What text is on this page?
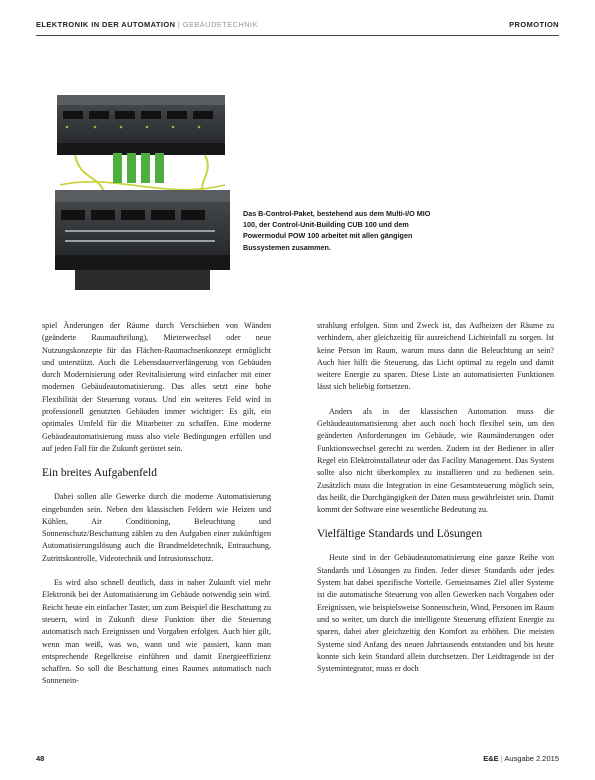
ELEKTRONIK IN DER AUTOMATION | GEBÄUDETECHNIK	PROMOTION
Das B-Control-Paket, bestehend aus dem Multi-I/O MIO 100, der Control-Unit-Building CUB 100 und dem Powermodul POW 100 arbeitet mit allen gängigen Bussystemen zusammen.

spiel Änderungen der Räume durch Verschieben von Wänden (geänderte Raumaufteilung), Mieterwechsel oder neue Nutzungskonzepte für das Flächen-Raumachsenkonzept ermöglicht und unterstützt. Auch die Lebensdauerverlängerung von Gebäuden durch Modernisierung oder Revitalisierung wird einfacher mit einer modernen Gebäudeautomatisierung. Das alles setzt eine hohe Flexibilität der Steuerung voraus. Und ein weiteres Feld wird in professionell genutzten Gebäuden immer wichtiger: Es gilt, ein optimales Umfeld für die Mitarbeiter zu schaffen. Eine moderne Gebäudeautomatisierung muss also viele Bedingungen erfüllen und auf jeden Fall für die Zukunft gerüstet sein.

Ein breites Aufgabenfeld

Dabei sollen alle Gewerke durch die moderne Automatisierung eingebunden sein. Neben den klassischen Feldern wie Heizen und Kühlen, Air Conditioning, Beleuchtung und Sonnenschutz/Beschattung zählen zu den Aufgaben einer zukünftigen Automatisierungslösung auch die Brandmeldetechnik, Entrauchung, Zutrittskontrolle, Videotechnik und Intrusionsschutz.

Es wird also schnell deutlich, dass in naher Zukunft viel mehr Elektronik bei der Automatisierung im Gebäude notwendig sein wird. Reicht heute ein einfacher Taster, um zum Beispiel die Beschattung zu steuern, wird in Zukunft diese Funktion über die Steuerung automatisch nach Ereignissen und Vorgaben erfolgen. Auch hier gilt, wenn man weiß, was wo, wann und wie passiert, kann man entsprechende Regelkreise einführen und damit Energieeffizienz schaffen. So soll die Beschattung eines Raumes automatisch nach Sonnenein-

strahlung erfolgen. Sinn und Zweck ist, das Aufheizen der Räume zu verhindern, aber gleichzeitig für ausreichend Lichteinfall zu sorgen. Ist keine Person im Raum, warum muss dann die Beleuchtung an sein? Auch hier hilft die Steuerung, das Licht optimal zu regeln und damit weitere Energie zu sparen. Diese Liste an automatisierten Funktionen lässt sich beliebig fortsetzen.

Anders als in der klassischen Automation muss die Gebäudeautomatisierung aber auch noch hoch flexibel sein, um den geänderten Anforderungen im Gebäude, wie Raumänderungen oder Funktionswechsel gerecht zu werden. Zudem ist der Bediener in aller Regel ein Elektroinstallateur oder das Facility Management. Das System sollte also nicht überkomplex zu installieren und zu bedienen sein. Zusätzlich muss die Integration in eine Gesamtsteuerung möglich sein, das heißt, die Durchgängigkeit der Daten muss gewährleistet sein. Damit kommt der Software eine wesentliche Bedeutung zu.

Vielfältige Standards und Lösungen

Heute sind in der Gebäudeautomatisierung eine ganze Reihe von Standards und Lösungen zu finden. Jeder dieser Standards oder jedes System hat dabei spezifische Vorteile. Gemeinsames Ziel aller Systeme ist die automatische Steuerung von allen Gewerken nach Vorgaben oder Ereignissen, wie beispielsweise Sonnenschein, Wind, Personen im Raum und so weiter, um durch die intelligente Steuerung effizient Energie zu sparen, dabei aber gleichzeitig den Komfort zu erhöhen. Die meisten Systeme sind Anfang des neuen Jahrtausends entstanden und bis heute konnte sich kein Standard allein durchsetzen. Der Leidtragende ist der Systemintegrator, muss er doch

48	E&E | Ausgabe 2.2015
